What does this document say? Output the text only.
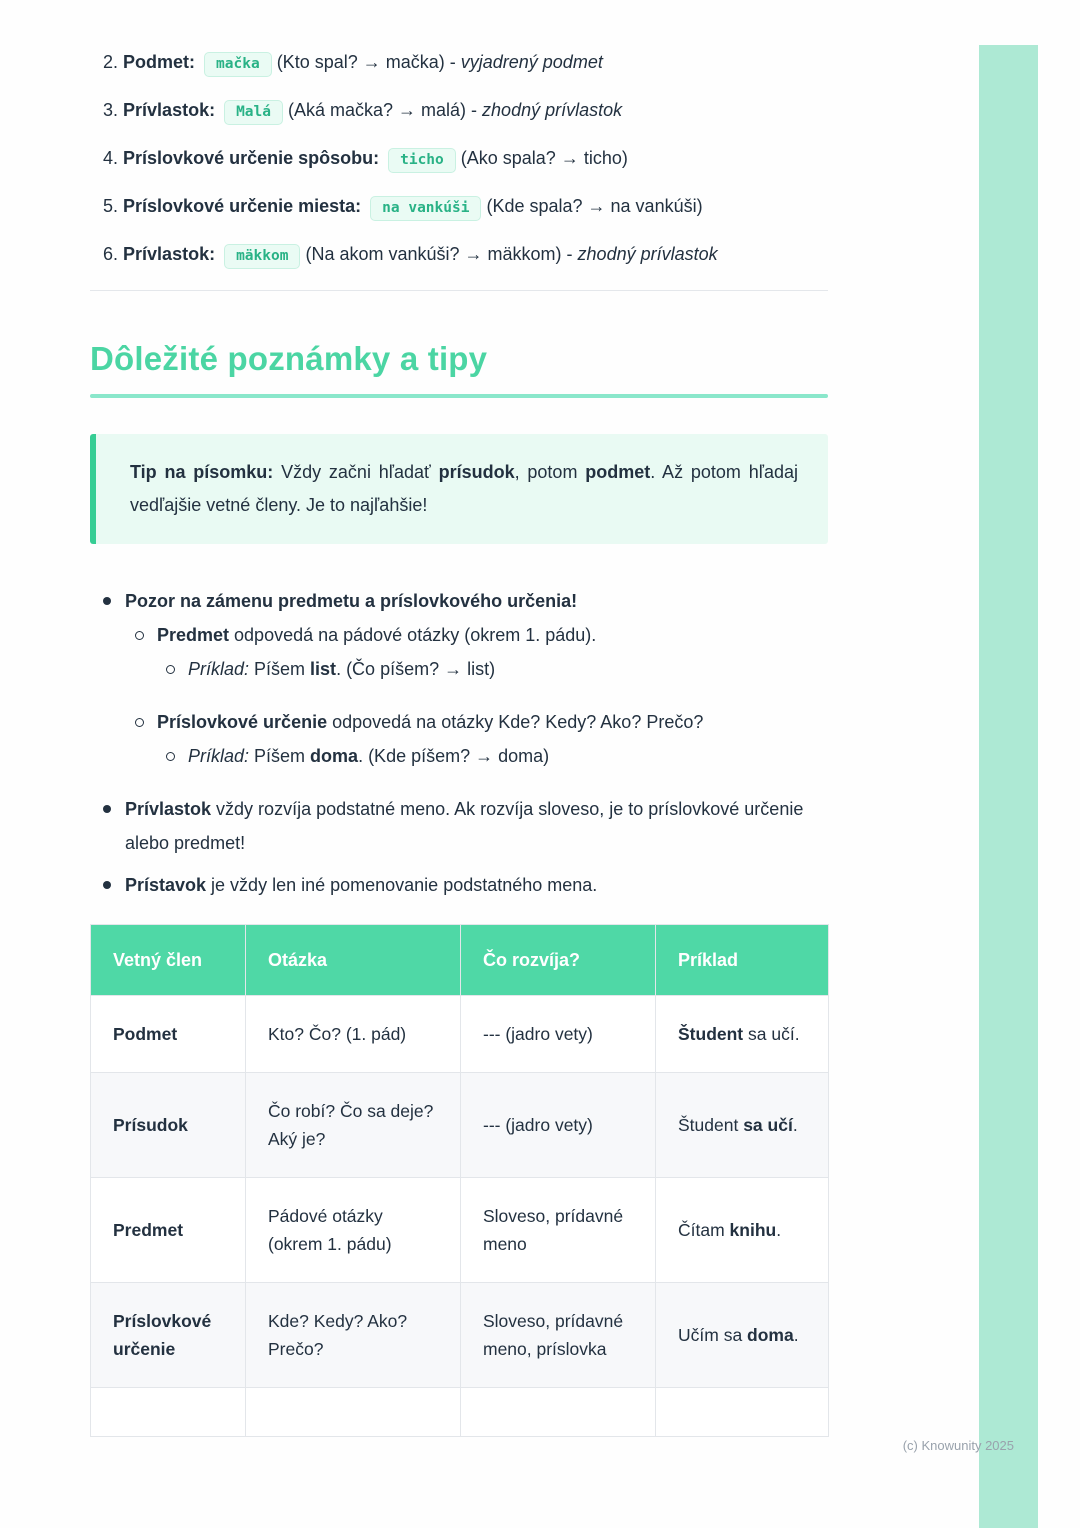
2. Podmet: mačka (Kto spal? → mačka) - vyjadrený podmet
3. Prívlastok: Malá (Aká mačka? → malá) - zhodný prívlastok
4. Príslovkové určenie spôsobu: ticho (Ako spala? → ticho)
5. Príslovkové určenie miesta: na vankúši (Kde spala? → na vankúši)
6. Prívlastok: mäkkom (Na akom vankúši? → mäkkom) - zhodný prívlastok
Dôležité poznámky a tipy

Tip na písomku: Vždy začni hľadať prísudok, potom podmet. Až potom hľadaj vedľajšie vetné členy. Je to najľahšie!

Pozor na zámenu predmetu a príslovkového určenia!
Predmet odpovedá na pádové otázky (okrem 1. pádu).
Príklad: Píšem list. (Čo píšem? → list)
Príslovkové určenie odpovedá na otázky Kde? Kedy? Ako? Prečo?
Príklad: Píšem doma. (Kde píšem? → doma)
Prívlastok vždy rozvíja podstatné meno. Ak rozvíja sloveso, je to príslovkové určenie alebo predmet!
Prístavok je vždy len iné pomenovanie podstatného mena.
Vetný člen	Otázka	Čo rozvíja?	Príklad
Podmet	Kto? Čo? (1. pád)	--- (jadro vety)	Študent sa učí.
Prísudok	Čo robí? Čo sa deje? Aký je?	--- (jadro vety)	Študent sa učí.
Predmet	Pádové otázky (okrem 1. pádu)	Sloveso, prídavné meno	Čítam knihu.
Príslovkové určenie	Kde? Kedy? Ako? Prečo?	Sloveso, prídavné meno, príslovka	Učím sa doma.

(c) Knowunity 2025
